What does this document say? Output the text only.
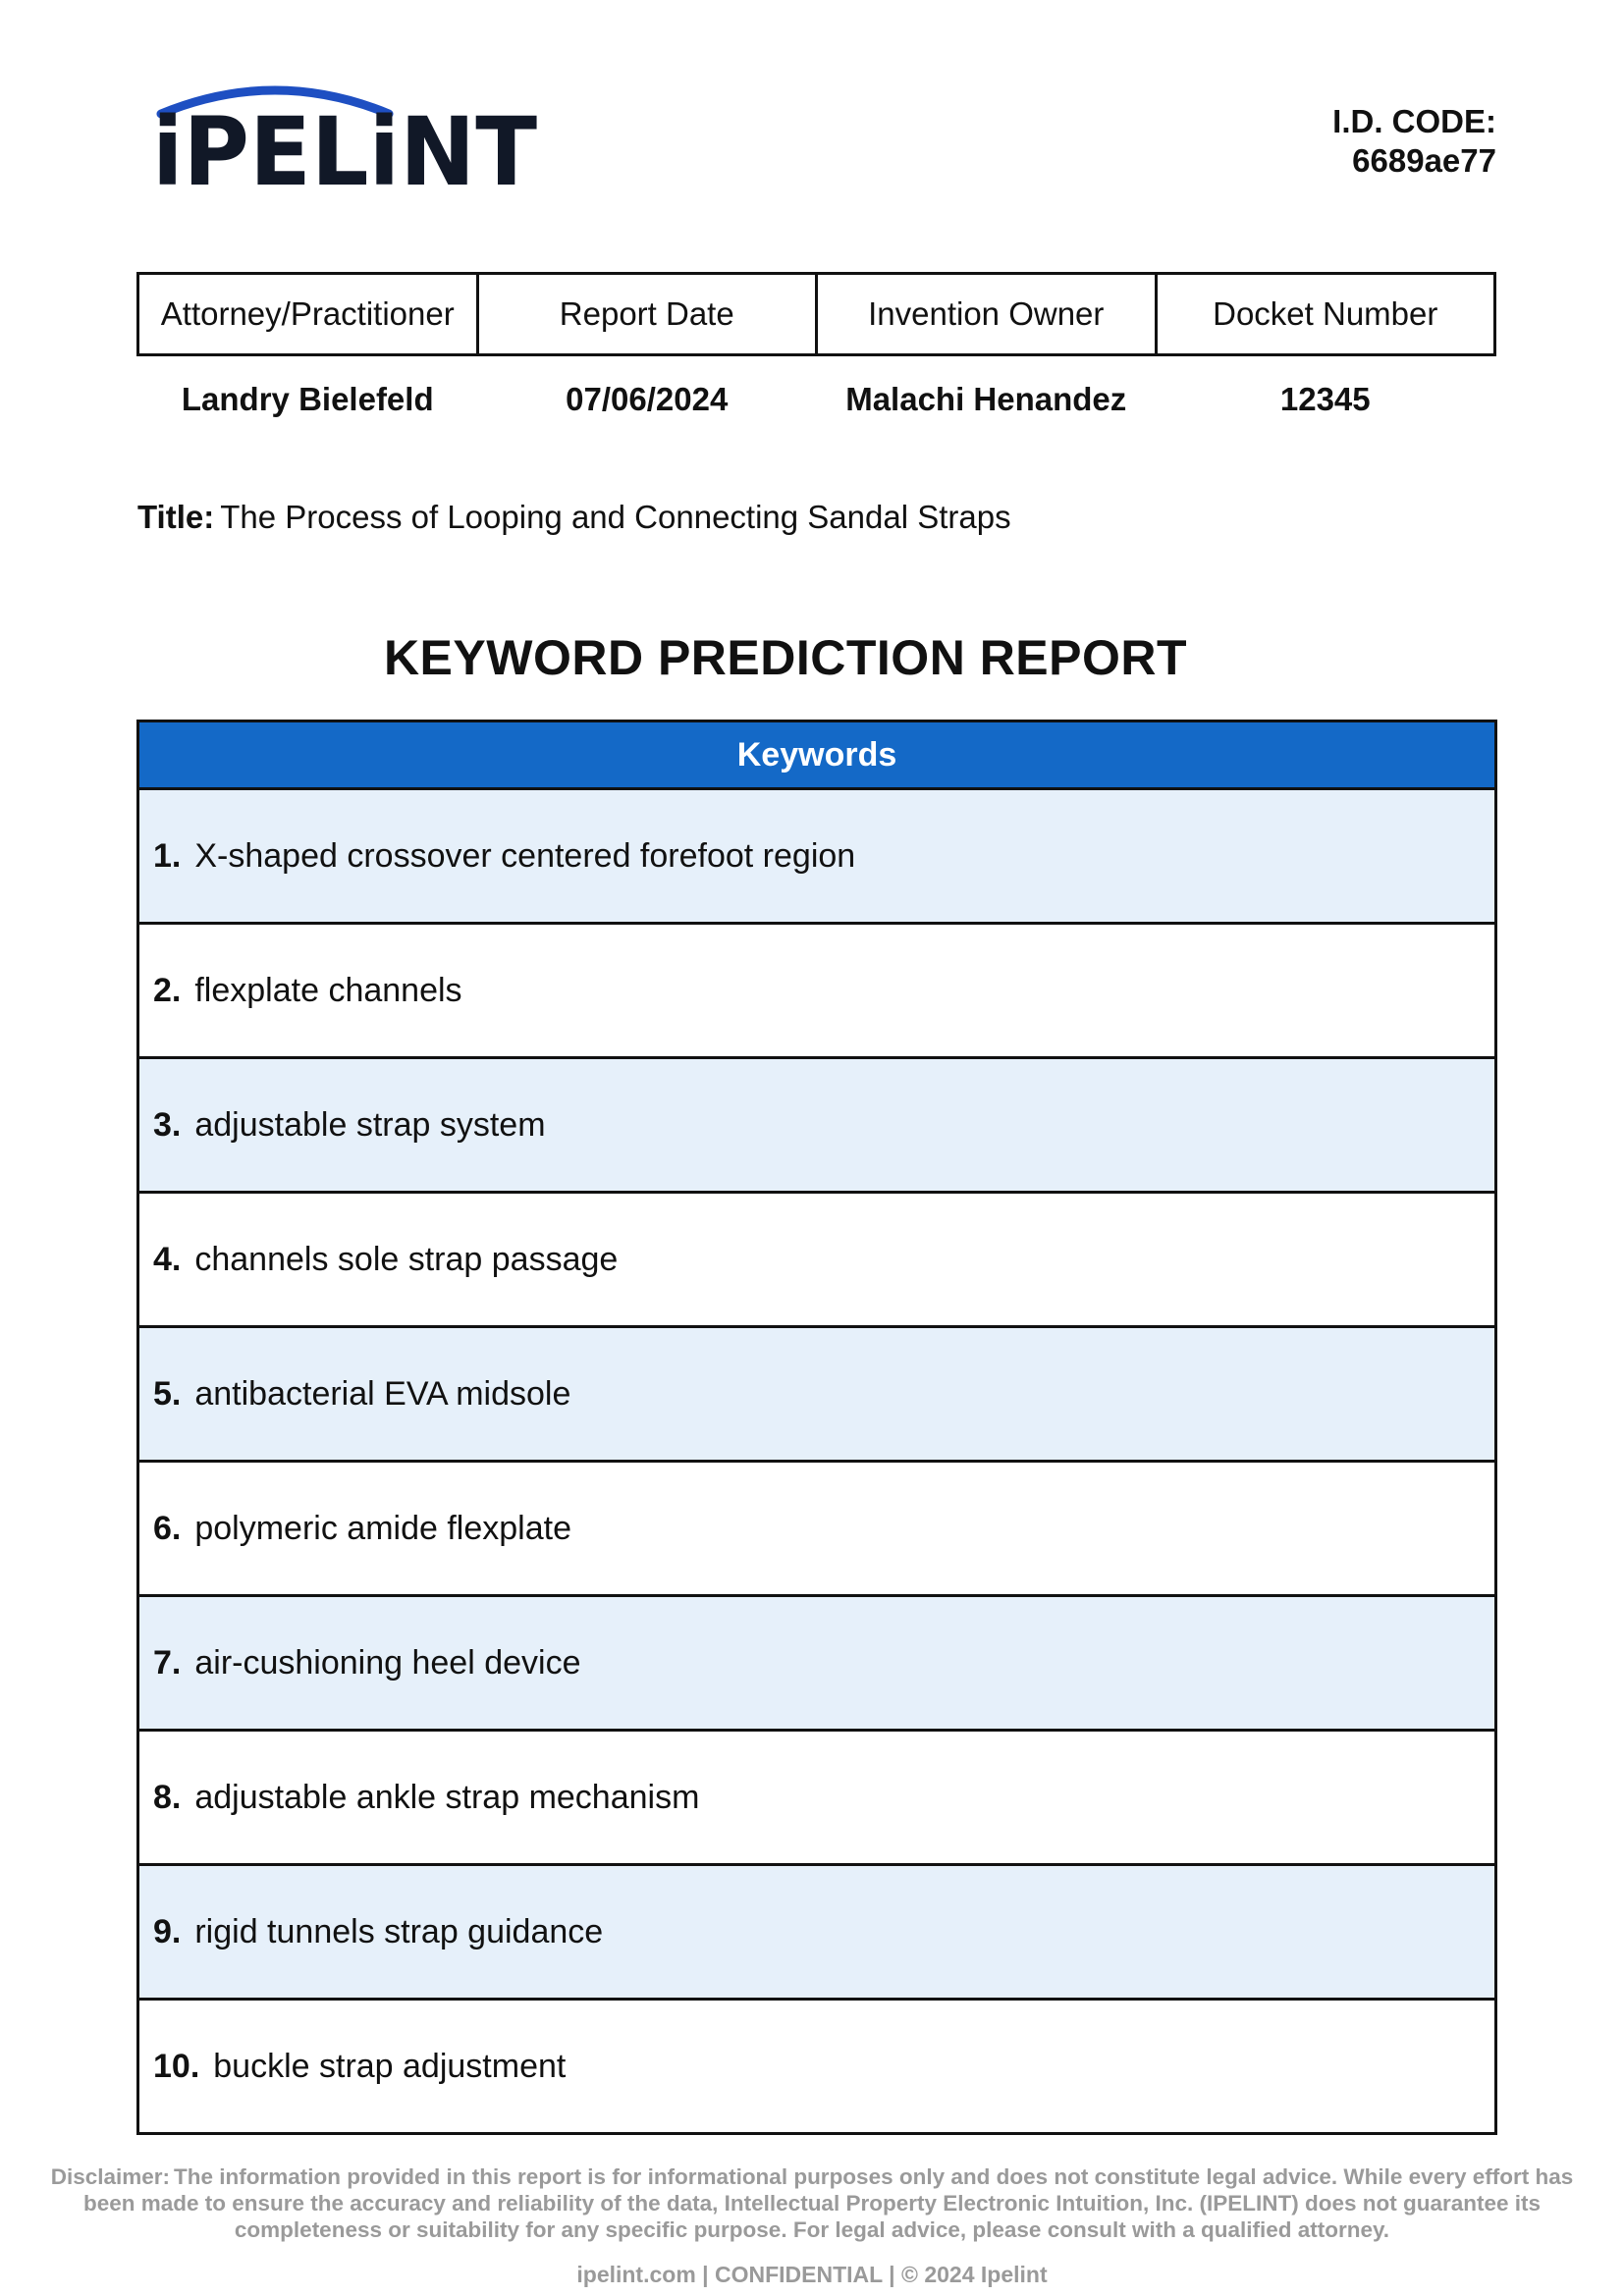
iPELiNT	I.D. CODE:
6689ae77
Attorney/Practitioner	Report Date	Invention Owner	Docket Number
Landry Bielefeld	07/06/2024	Malachi Henandez	12345
Title: The Process of Looping and Connecting Sandal Straps
KEYWORD PREDICTION REPORT
Keywords
1. X-shaped crossover centered forefoot region
2. flexplate channels
3. adjustable strap system
4. channels sole strap passage
5. antibacterial EVA midsole
6. polymeric amide flexplate
7. air-cushioning heel device
8. adjustable ankle strap mechanism
9. rigid tunnels strap guidance
10. buckle strap adjustment
Disclaimer: The information provided in this report is for informational purposes only and does not constitute legal advice. While every effort has been made to ensure the accuracy and reliability of the data, Intellectual Property Electronic Intuition, Inc. (IPELINT) does not guarantee its completeness or suitability for any specific purpose. For legal advice, please consult with a qualified attorney.
ipelint.com | CONFIDENTIAL | © 2024 Ipelint
